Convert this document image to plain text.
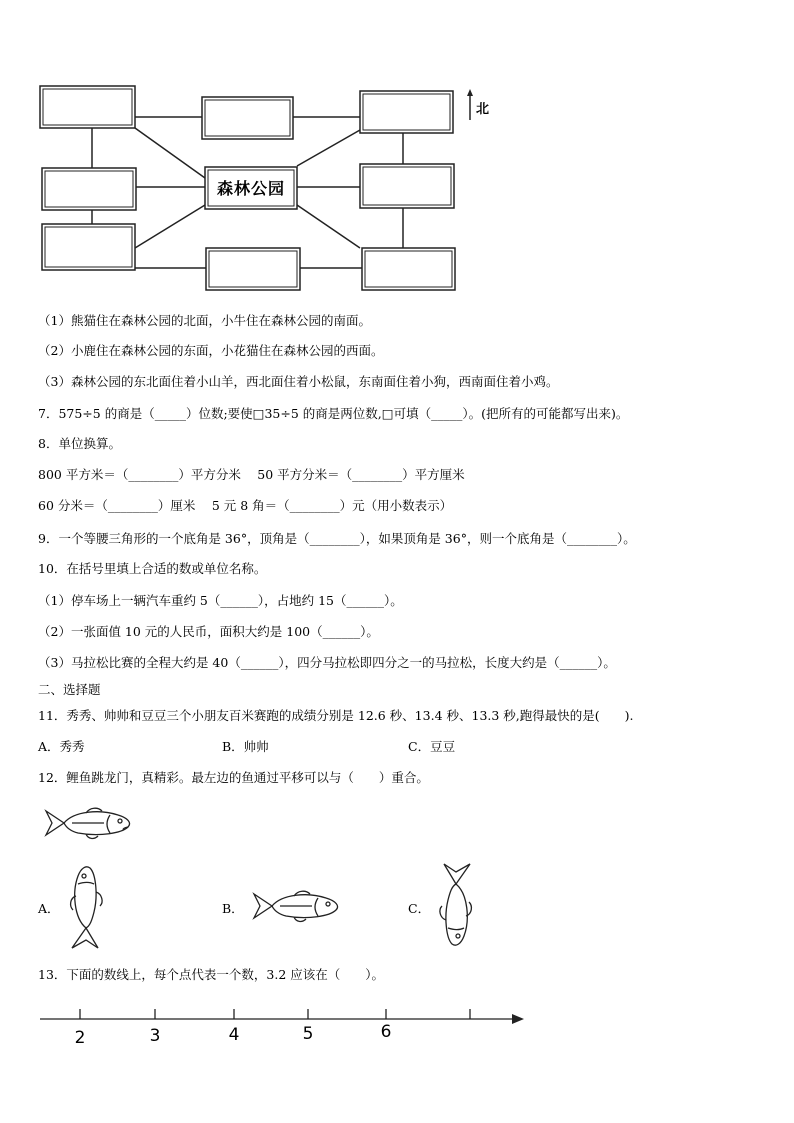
森林公园
北
（1）熊猫住在森林公园的北面，小牛住在森林公园的南面。
（2）小鹿住在森林公园的东面，小花猫住在森林公园的西面。
（3）森林公园的东北面住着小山羊，西北面住着小松鼠，东南面住着小狗，西南面住着小鸡。
7．575÷5 的商是（_____）位数;要使□35÷5 的商是两位数,□可填（_____）。(把所有的可能都写出来)。
8．单位换算。
800 平方米＝（________）平方分米　 50 平方分米＝（________）平方厘米
60 分米＝（________）厘米　 5 元 8 角＝（________）元（用小数表示）
9．一个等腰三角形的一个底角是 36°，顶角是（________），如果顶角是 36°，则一个底角是（________）。
10．在括号里填上合适的数或单位名称。
（1）停车场上一辆汽车重约 5（______），占地约 15（______）。
（2）一张面值 10 元的人民币，面积大约是 100（______）。
（3）马拉松比赛的全程大约是 40（______），四分马拉松即四分之一的马拉松，长度大约是（______）。
二、选择题
11．秀秀、帅帅和豆豆三个小朋友百米赛跑的成绩分别是 12.6 秒、13.4 秒、13.3 秒,跑得最快的是(　　).
A．秀秀	B．帅帅	C．豆豆
12．鲤鱼跳龙门，真精彩。最左边的鱼通过平移可以与（　　）重合。
A．	B．	C．
13．下面的数线上，每个点代表一个数，3.2 应该在（　　）。
2	3	4	5	6
